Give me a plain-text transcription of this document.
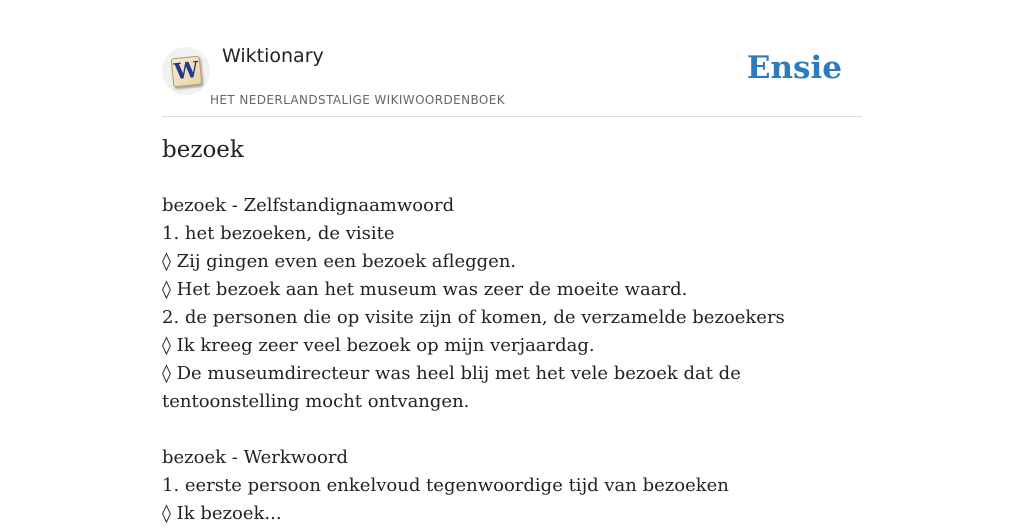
W
Wiktionary
HET NEDERLANDSTALIGE WIKIWOORDENBOEK
Ensie
bezoek
bezoek - Zelfstandignaamwoord
1. het bezoeken, de visite
◊ Zij gingen even een bezoek afleggen.
◊ Het bezoek aan het museum was zeer de moeite waard.
2. de personen die op visite zijn of komen, de verzamelde bezoekers
◊ Ik kreeg zeer veel bezoek op mijn verjaardag.
◊ De museumdirecteur was heel blij met het vele bezoek dat de tentoonstelling mocht ontvangen.
bezoek - Werkwoord
1. eerste persoon enkelvoud tegenwoordige tijd van bezoeken
◊ Ik bezoek...
